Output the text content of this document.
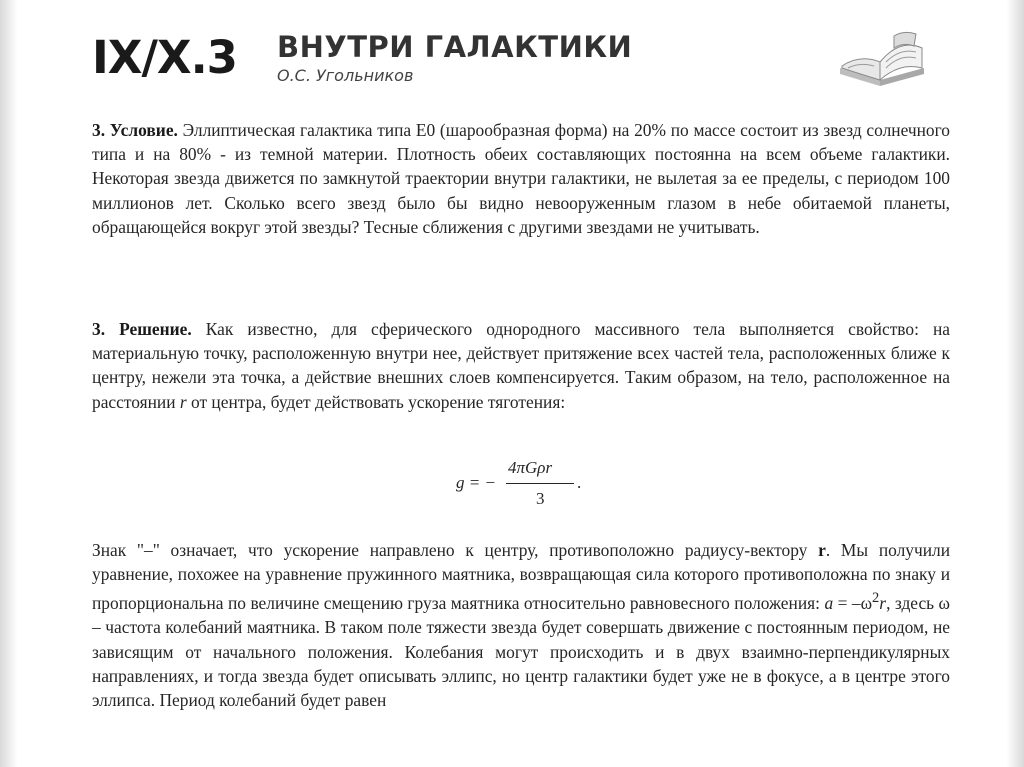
IX/X.3 ВНУТРИ ГАЛАКТИКИ
О.С. Угольников
3. Условие. Эллиптическая галактика типа E0 (шарообразная форма) на 20% по массе состоит из звезд солнечного типа и на 80% - из темной материи. Плотность обеих составляющих постоянна на всем объеме галактики. Некоторая звезда движется по замкнутой траектории внутри галактики, не вылетая за ее пределы, с периодом 100 миллионов лет. Сколько всего звезд было бы видно невооруженным глазом в небе обитаемой планеты, обращающейся вокруг этой звезды? Тесные сближения с другими звездами не учитывать.
3. Решение. Как известно, для сферического однородного массивного тела выполняется свойство: на материальную точку, расположенную внутри нее, действует притяжение всех частей тела, расположенных ближе к центру, нежели эта точка, а действие внешних слоев компенсируется. Таким образом, на тело, расположенное на расстоянии r от центра, будет действовать ускорение тяготения:
g = −
4πGρr
3
.
Знак "–" означает, что ускорение направлено к центру, противоположно радиусу-вектору r. Мы получили уравнение, похожее на уравнение пружинного маятника, возвращающая сила которого противоположна по знаку и пропорциональна по величине смещению груза маятника относительно равновесного положения: $a = -\omega^2r$, здесь ω – частота колебаний маятника. В таком поле тяжести звезда будет совершать движение с постоянным периодом, не зависящим от начального положения. Колебания могут происходить и в двух взаимно-перпендикулярных направлениях, и тогда звезда будет описывать эллипс, но центр галактики будет уже не в фокусе, а в центре этого эллипса. Период колебаний будет равен
